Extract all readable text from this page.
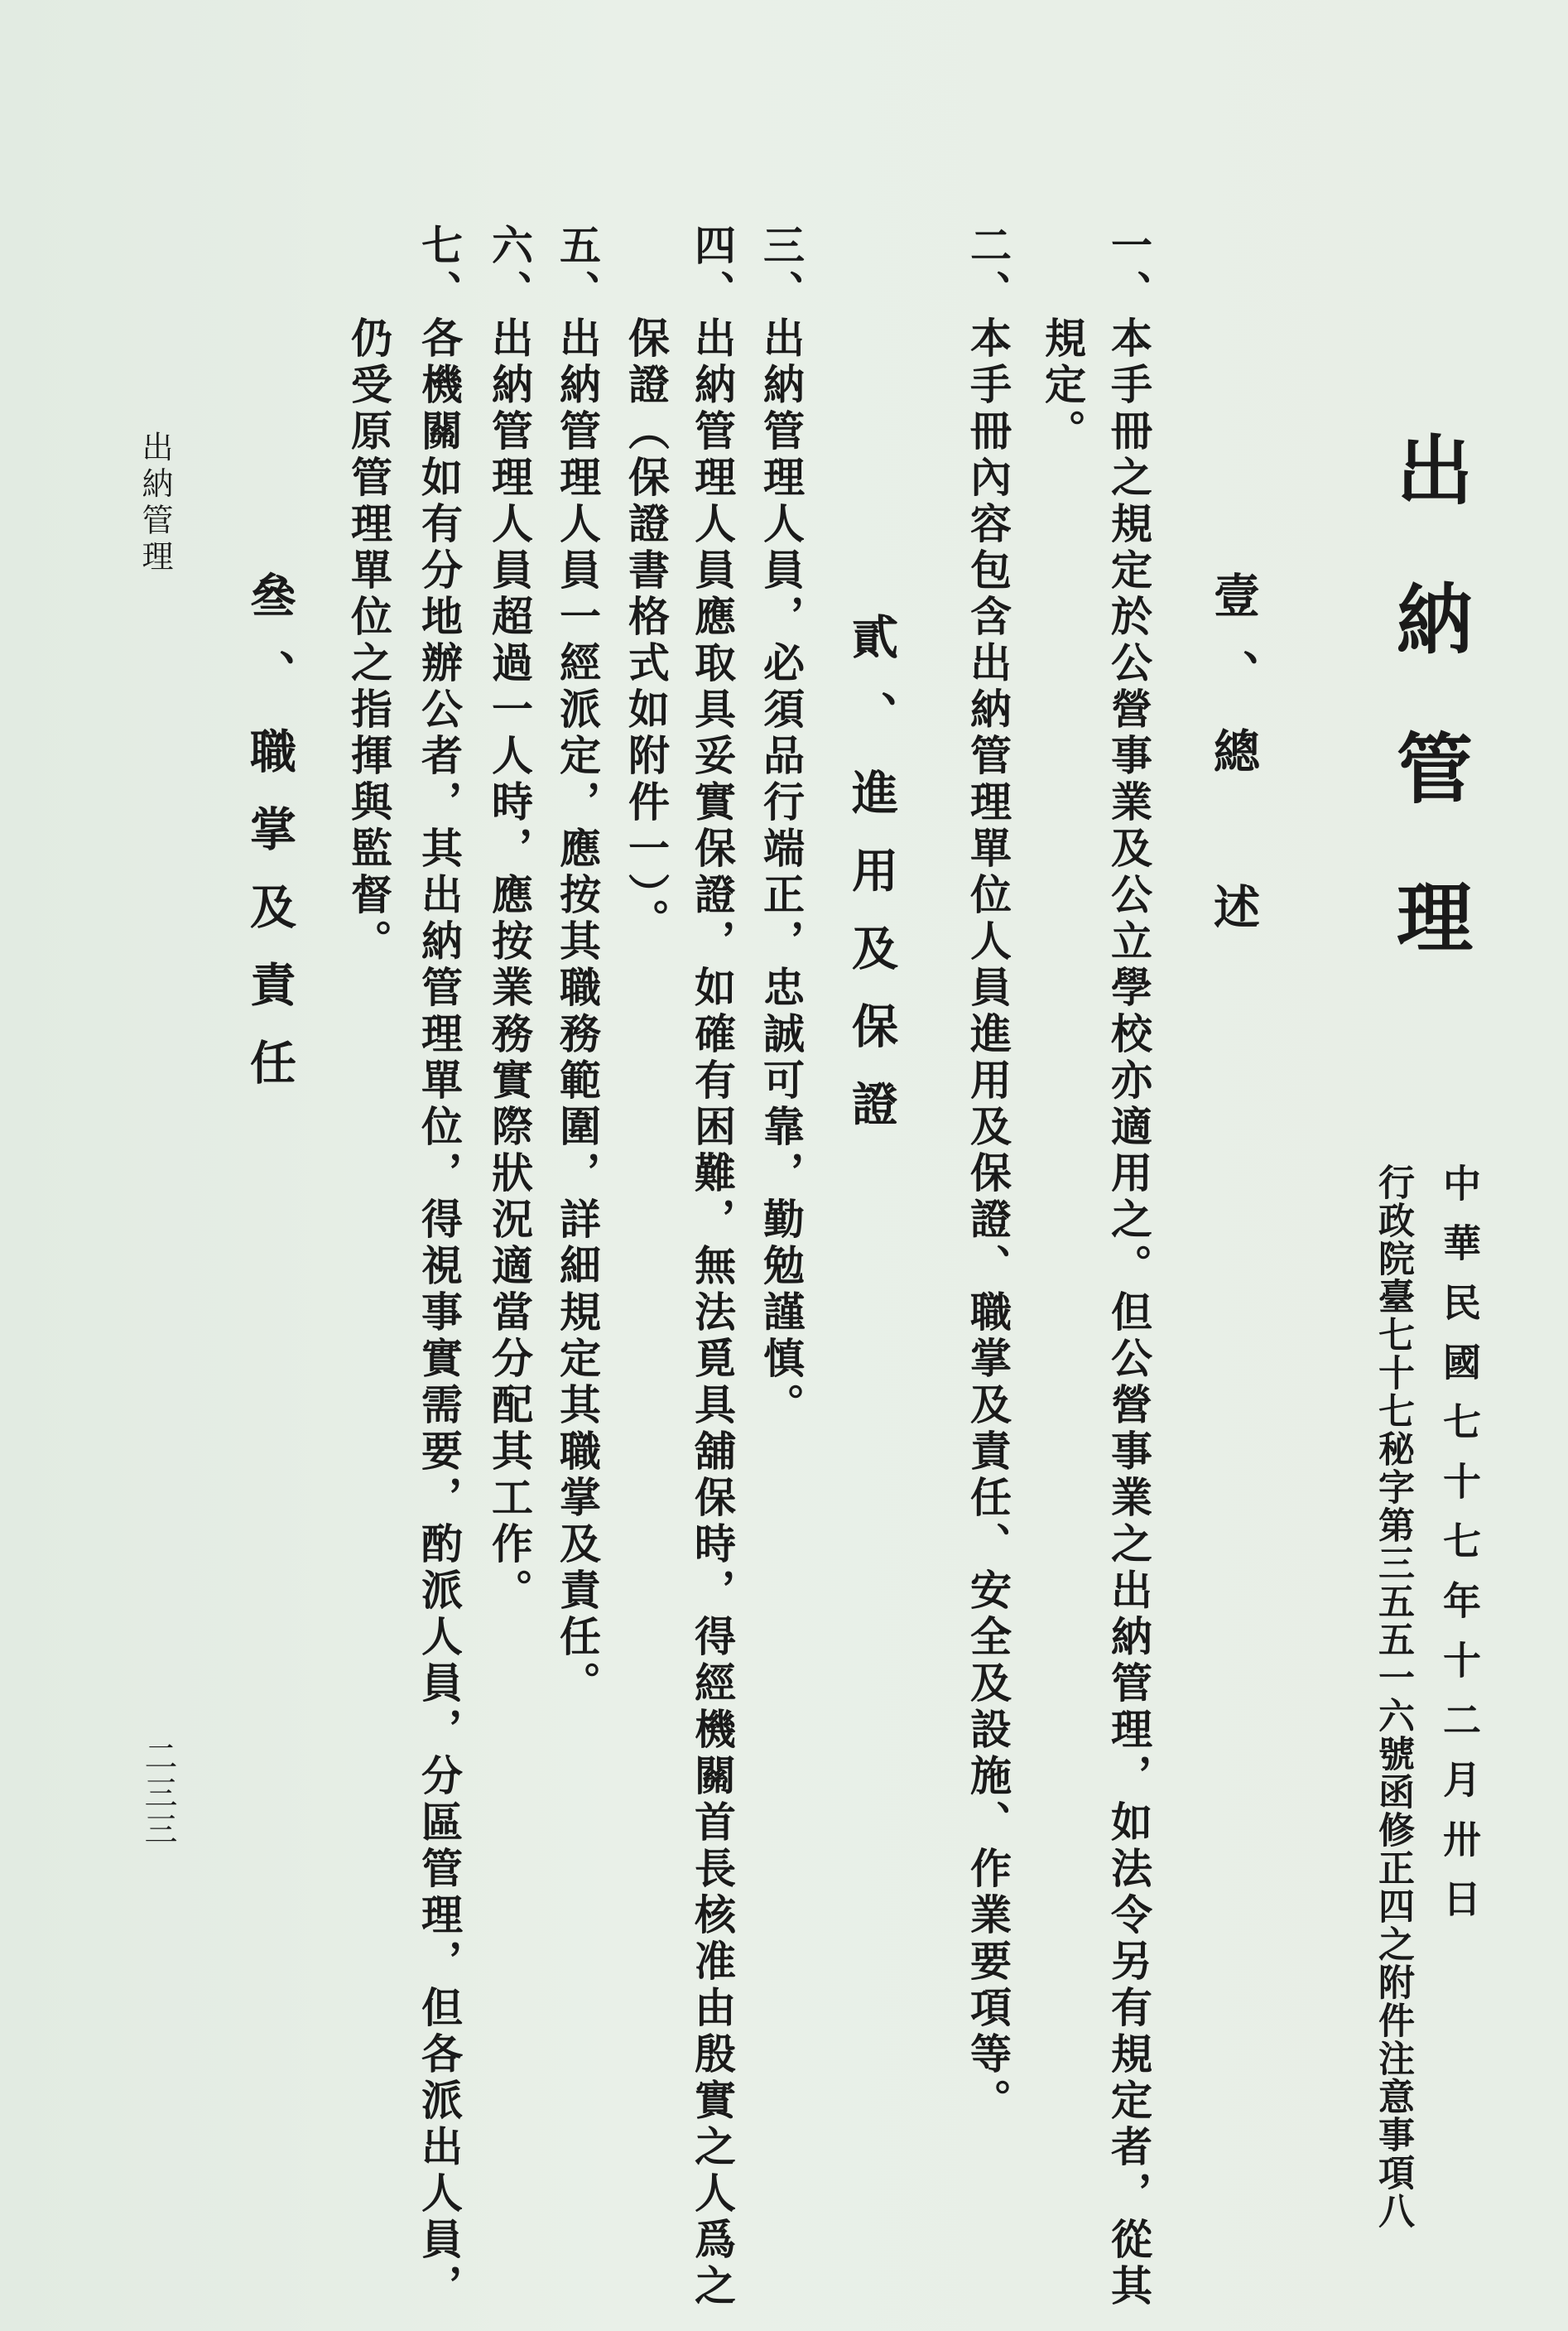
出納管理
中華民國七十七年十二月卅日
行政院臺七十七秘字第三五五一六號函修正四之附件注意事項八
壹、總　述
一、本手冊之規定於公營事業及公立學校亦適用之。但公營事業之出納管理，如法令另有規定者，從其
　　規定。
二、本手冊內容包含出納管理單位人員進用及保證、職掌及責任、安全及設施、作業要項等。
貳、進用及保證
三、出納管理人員，必須品行端正，忠誠可靠，勤勉謹慎。
四、出納管理人員應取具妥實保證，如確有困難，無法覓具舖保時，得經機關首長核准由殷實之人爲之
　　保證（保證書格式如附件一）。
五、出納管理人員一經派定，應按其職務範圍，詳細規定其職掌及責任。
六、出納管理人員超過一人時，應按業務實際狀況適當分配其工作。
七、各機關如有分地辦公者，其出納管理單位，得視事實需要，酌派人員，分區管理，但各派出人員，
　　仍受原管理單位之指揮與監督。
叄、職掌及責任
出納管理
二三三
